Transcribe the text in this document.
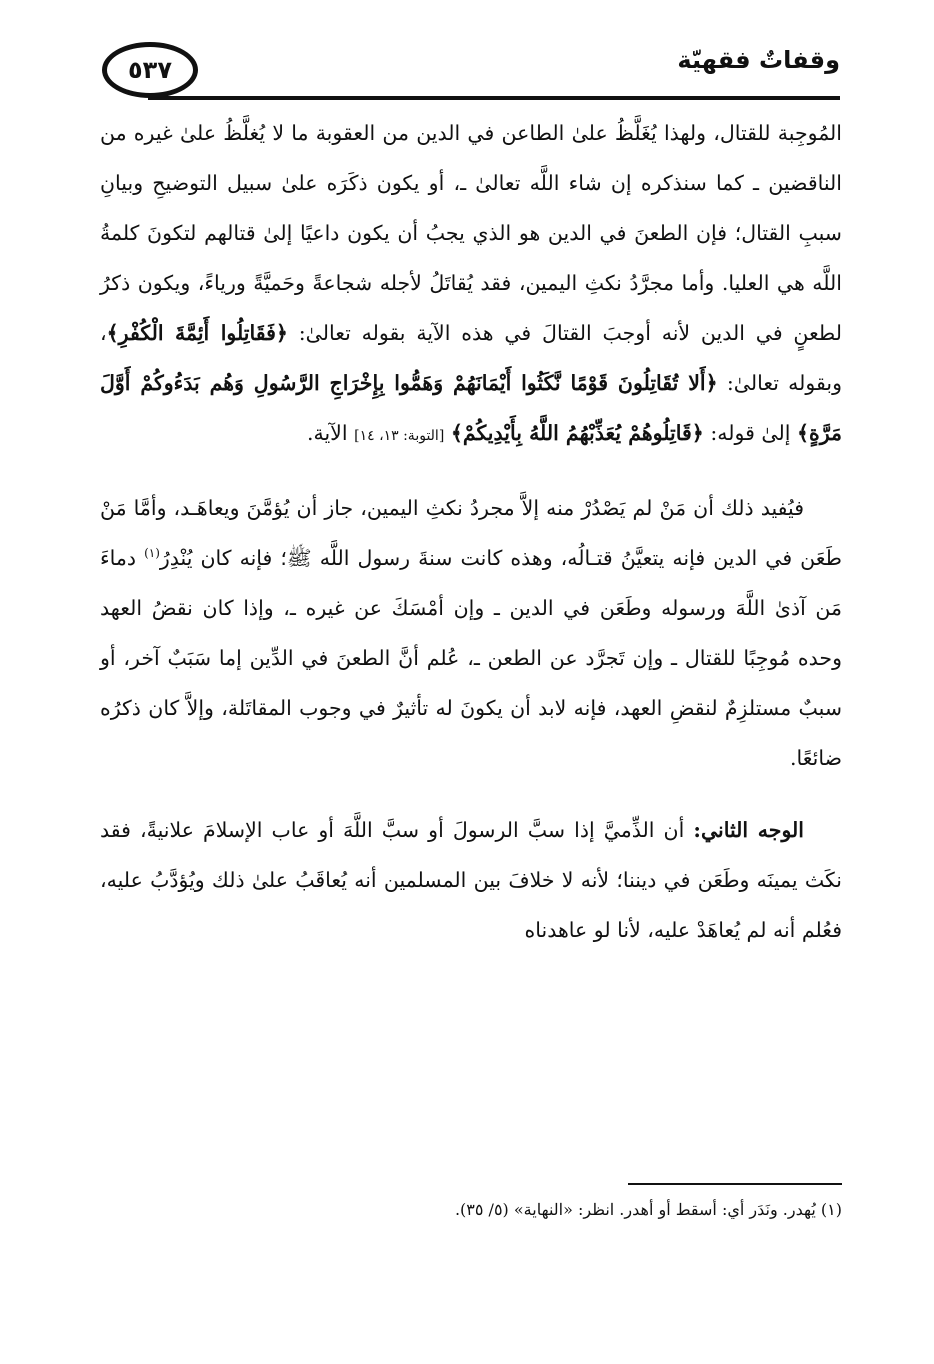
٥٣٧	وقفاتٌ فقهيّة

المُوجِبة للقتال، ولهذا يُغَلَّظُ علىٰ الطاعن في الدين من العقوبة ما لا يُغلَّظُ علىٰ غيره من الناقضين ـ كما سنذكره إن شاء اللَّه تعالىٰ ـ، أو يكون ذكَرَه علىٰ سبيل التوضيحِ وبيانِ سببِ القتال؛ فإن الطعنَ في الدين هو الذي يجبُ أن يكون داعيًا إلىٰ قتالهم لتكونَ كلمةُ اللَّه هي العليا. وأما مجرَّدُ نكثِ اليمين، فقد يُقاتَلُ لأجله شجاعةً وحَميَّةً ورياءً، ويكون ذكرُ لطعنٍ في الدين لأنه أوجبَ القتالَ في هذه الآية بقوله تعالىٰ: ﴿فَقَاتِلُوا أَئِمَّةَ الْكُفْرِ﴾، وبقوله تعالىٰ: ﴿أَلا تُقَاتِلُونَ قَوْمًا نَّكَثُوا أَيْمَانَهُمْ وَهَمُّوا بِإِخْرَاجِ الرَّسُولِ وَهُم بَدَءُوكُمْ أَوَّلَ مَرَّةٍ﴾ إلىٰ قوله: ﴿قَاتِلُوهُمْ يُعَذِّبْهُمُ اللَّهُ بِأَيْدِيكُمْ﴾ [التوبة: ١٣، ١٤] الآية.

فيُفيد ذلك أن مَنْ لم يَصْدُرْ منه إلاَّ مجردُ نكثِ اليمين، جاز أن يُؤمَّنَ ويعاهَـد، وأمَّا مَنْ طَعَن في الدين فإنه يتعيَّنُ قتـالُه، وهذه كانت سنةَ رسول اللَّه ﷺ؛ فإنه كان يُنْدِرُ$^{(١)}$ دماءَ مَن آذىٰ اللَّهَ ورسوله وطَعَن في الدين ـ وإن أمْسَكَ عن غيره ـ، وإذا كان نقضُ العهد وحده مُوجِبًا للقتال ـ وإن تَجرَّد عن الطعن ـ، عُلم أنَّ الطعنَ في الدِّين إما سَبَبٌ آخر، أو سببٌ مستلزِمٌ لنقضِ العهد، فإنه لابد أن يكونَ له تأثيرٌ في وجوب المقاتَلة، وإلاَّ كان ذكرُه ضائعًا.

الوجه الثاني: أن الذِّميَّ إذا سبَّ الرسولَ أو سبَّ اللَّهَ أو عاب الإسلامَ علانيةً، فقد نكَث يمينَه وطَعَن في ديننا؛ لأنه لا خلافَ بين المسلمين أنه يُعاقَبُ علىٰ ذلك ويُؤدَّبُ عليه، فعُلم أنه لم يُعاهَدْ عليه، لأنا لو عاهدناه

(١) يُهدر. ونَدَر أي: أسقط أو أهدر. انظر: «النهاية» (٥/ ٣٥).
